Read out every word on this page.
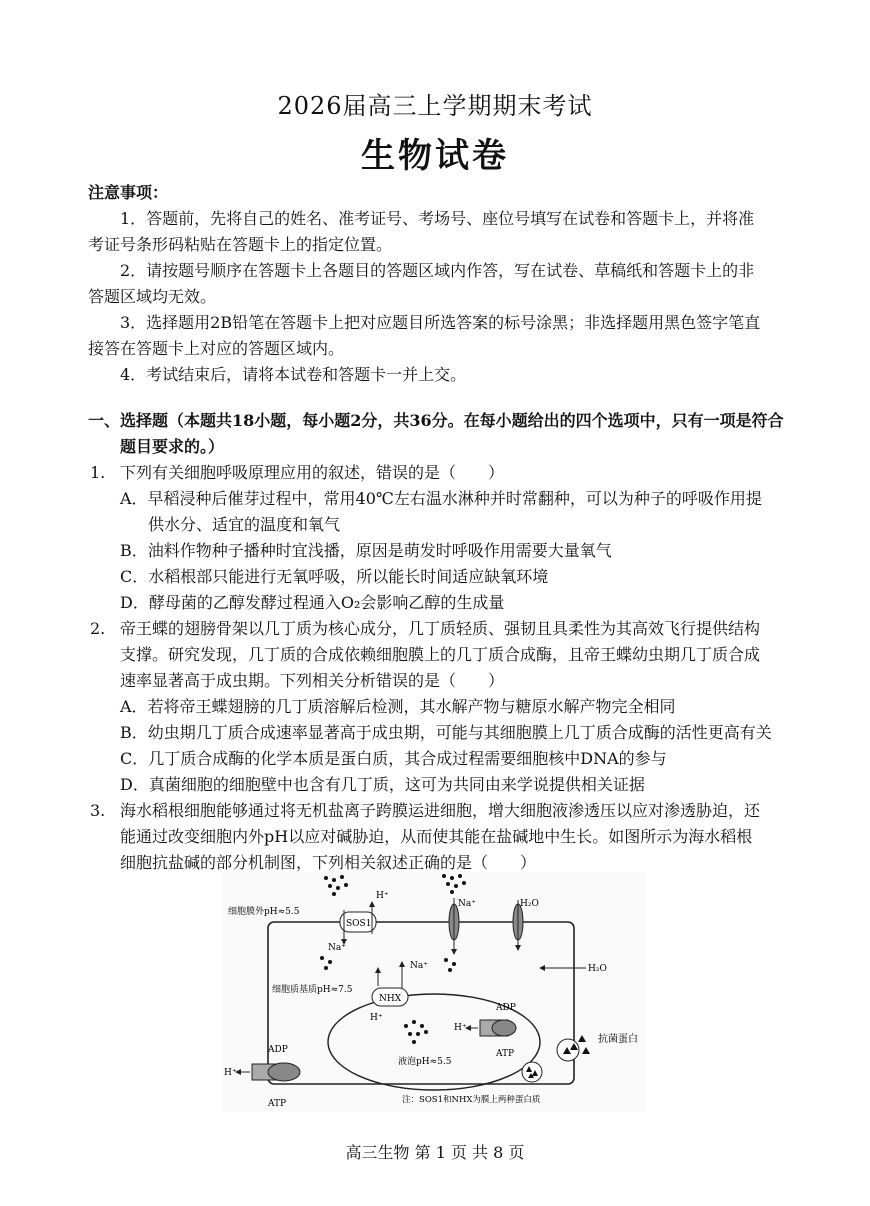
2026届高三上学期期末考试
生物试卷
注意事项：
1．答题前，先将自己的姓名、准考证号、考场号、座位号填写在试卷和答题卡上，并将准
考证号条形码粘贴在答题卡上的指定位置。
2．请按题号顺序在答题卡上各题目的答题区域内作答，写在试卷、草稿纸和答题卡上的非
答题区域均无效。
3．选择题用2B铅笔在答题卡上把对应题目所选答案的标号涂黑；非选择题用黑色签字笔直
接答在答题卡上对应的答题区域内。
4．考试结束后，请将本试卷和答题卡一并上交。
一、选择题（本题共18小题，每小题2分，共36分。在每小题给出的四个选项中，只有一项是符合
题目要求的。）
1. 下列有关细胞呼吸原理应用的叙述，错误的是（　　）
A．早稻浸种后催芽过程中，常用40℃左右温水淋种并时常翻种，可以为种子的呼吸作用提
供水分、适宜的温度和氧气
B．油料作物种子播种时宜浅播，原因是萌发时呼吸作用需要大量氧气
C．水稻根部只能进行无氧呼吸，所以能长时间适应缺氧环境
D．酵母菌的乙醇发酵过程通入O₂会影响乙醇的生成量
2. 帝王蝶的翅膀骨架以几丁质为核心成分，几丁质轻质、强韧且具柔性为其高效飞行提供结构
支撑。研究发现，几丁质的合成依赖细胞膜上的几丁质合成酶，且帝王蝶幼虫期几丁质合成
速率显著高于成虫期。下列相关分析错误的是（　　）
A．若将帝王蝶翅膀的几丁质溶解后检测，其水解产物与糖原水解产物完全相同
B．幼虫期几丁质合成速率显著高于成虫期，可能与其细胞膜上几丁质合成酶的活性更高有关
C．几丁质合成酶的化学本质是蛋白质，其合成过程需要细胞核中DNA的参与
D．真菌细胞的细胞壁中也含有几丁质，这可为共同由来学说提供相关证据
3. 海水稻根细胞能够通过将无机盐离子跨膜运进细胞，增大细胞液渗透压以应对渗透胁迫，还
能通过改变细胞内外pH以应对碱胁迫，从而使其能在盐碱地中生长。如图所示为海水稻根
细胞抗盐碱的部分机制图，下列相关叙述正确的是（　　）
细胞膜外pH≈5.5
SOS1
H⁺
Na⁺
Na⁺	H₂O
H₂O
细胞质基质pH≈7.5
液泡pH≈5.5
NHX
H⁺
Na⁺
H⁺
ADP
ATP
H⁺
ADP
ATP
抗菌蛋白
注：SOS1和NHX为膜上两种蛋白质
高三生物 第 1 页 共 8 页
